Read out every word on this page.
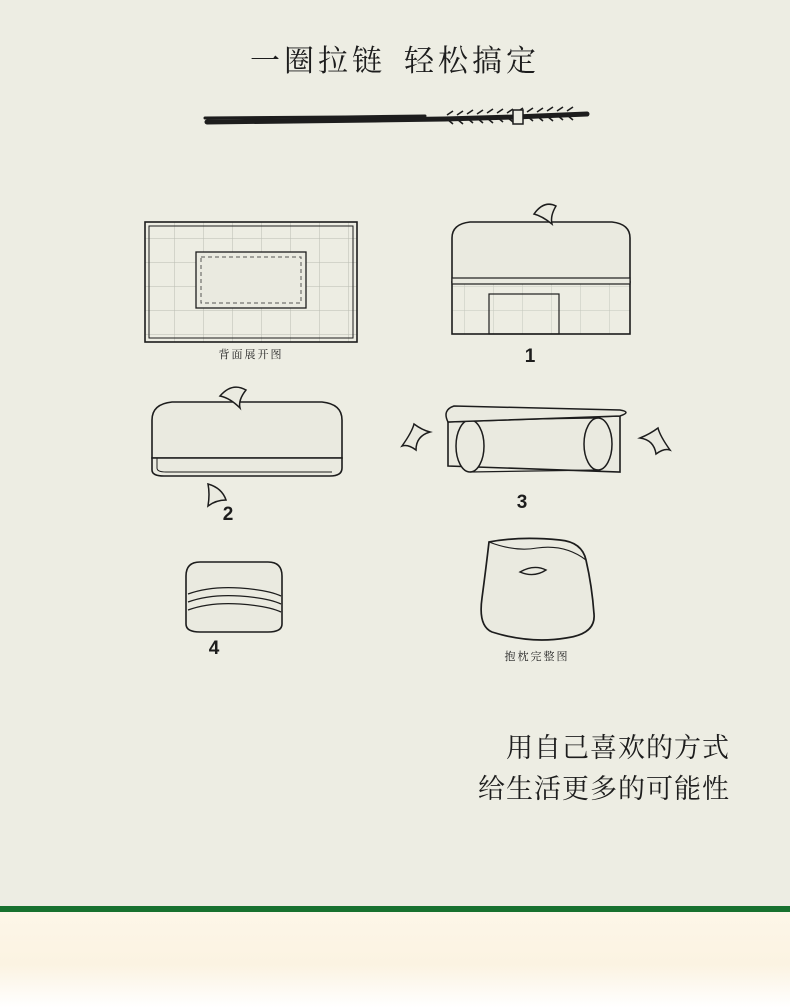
一圈拉链 轻松搞定
背面展开图	1
2
3
4	抱枕完整图
用自己喜欢的方式
给生活更多的可能性
